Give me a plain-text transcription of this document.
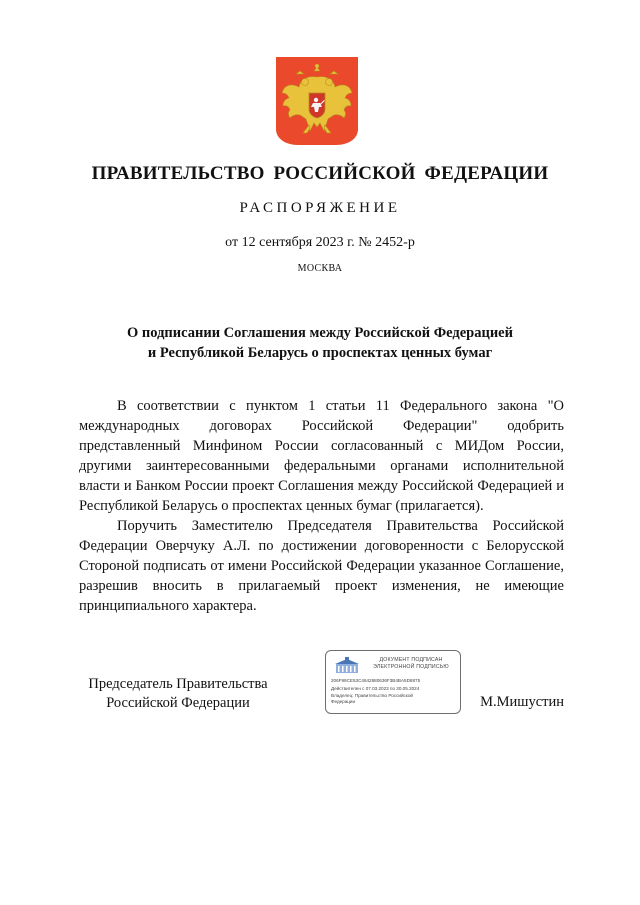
ПРАВИТЕЛЬСТВО РОССИЙСКОЙ ФЕДЕРАЦИИ
РАСПОРЯЖЕНИЕ
от 12 сентября 2023 г. № 2452-р
МОСКВА
О подписании Соглашения между Российской Федерацией
и Республикой Беларусь о проспектах ценных бумаг

В соответствии с пунктом 1 статьи 11 Федерального закона "О международных договорах Российской Федерации" одобрить представленный Минфином России согласованный с МИДом России, другими заинтересованными федеральными органами исполнительной власти и Банком России проект Соглашения между Российской Федерацией и Республикой Беларусь о проспектах ценных бумаг (прилагается).

Поручить Заместителю Председателя Правительства Российской Федерации Оверчуку А.Л. по достижении договоренности с Белорусской Стороной подписать от имени Российской Федерации указанное Соглашение, разрешив вносить в прилагаемый проект изменения, не имеющие принципиального характера.

Председатель Правительства
Российской Федерации
ДОКУМЕНТ ПОДПИСАН
ЭЛЕКТРОННОЙ ПОДПИСЬЮ
206F99CE53C4642880636F3B4BA5D8875
Действителен с 07.03.2023 по 30.05.2024
Владелец: Правительство Российской
Федерации	М.Мишустин
